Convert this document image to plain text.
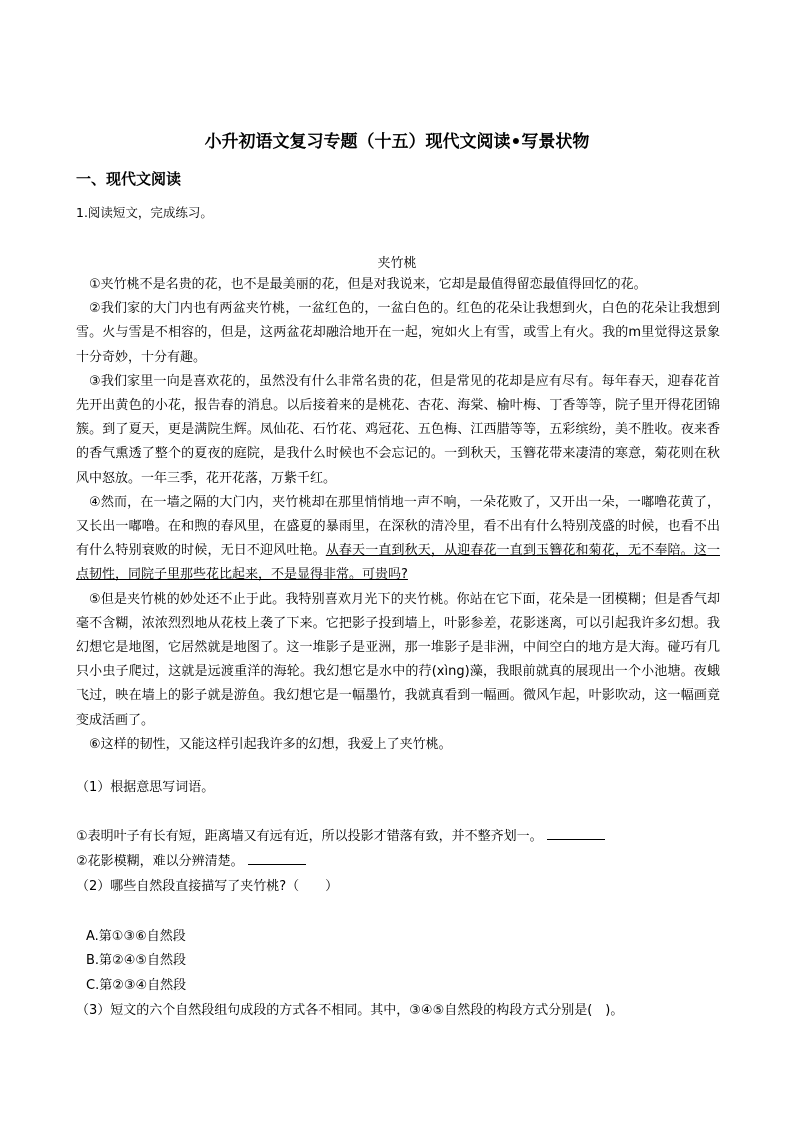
小升初语文复习专题（十五）现代文阅读•写景状物
一、现代文阅读
1.阅读短文，完成练习。
夹竹桃
①夹竹桃不是名贵的花，也不是最美丽的花，但是对我说来，它却是最值得留恋最值得回忆的花。
②我们家的大门内也有两盆夹竹桃，一盆红色的，一盆白色的。红色的花朵让我想到火，白色的花朵让我想到雪。火与雪是不相容的，但是，这两盆花却融洽地开在一起，宛如火上有雪，或雪上有火。我的m里觉得这景象十分奇妙，十分有趣。
③我们家里一向是喜欢花的，虽然没有什么非常名贵的花，但是常见的花却是应有尽有。每年春天，迎春花首先开出黄色的小花，报告春的消息。以后接着来的是桃花、杏花、海棠、榆叶梅、丁香等等，院子里开得花团锦簇。到了夏天，更是满院生辉。凤仙花、石竹花、鸡冠花、五色梅、江西腊等等，五彩缤纷，美不胜收。夜来香的香气熏透了整个的夏夜的庭院，是我什么时候也不会忘记的。一到秋天，玉簪花带来凄清的寒意，菊花则在秋风中怒放。一年三季，花开花落，万紫千红。
④然而，在一墙之隔的大门内，夹竹桃却在那里悄悄地一声不响，一朵花败了，又开出一朵，一嘟噜花黄了，又长出一嘟噜。在和煦的春风里，在盛夏的暴雨里，在深秋的清冷里，看不出有什么特别茂盛的时候，也看不出有什么特别衰败的时候，无日不迎风吐艳。从春天一直到秋天，从迎春花一直到玉簪花和菊花，无不奉陪。这一点韧性，同院子里那些花比起来，不是显得非常。可贵吗?
⑤但是夹竹桃的妙处还不止于此。我特别喜欢月光下的夹竹桃。你站在它下面，花朵是一团模糊；但是香气却毫不含糊，浓浓烈烈地从花枝上袭了下来。它把影子投到墙上，叶影参差，花影迷离，可以引起我许多幻想。我幻想它是地图，它居然就是地图了。这一堆影子是亚洲，那一堆影子是非洲，中间空白的地方是大海。碰巧有几只小虫子爬过，这就是远渡重洋的海轮。我幻想它是水中的荇(xìng)藻，我眼前就真的展现出一个小池塘。夜蛾飞过，映在墙上的影子就是游鱼。我幻想它是一幅墨竹，我就真看到一幅画。微风乍起，叶影吹动，这一幅画竟变成活画了。
⑥这样的韧性，又能这样引起我许多的幻想，我爱上了夹竹桃。
（1）根据意思写词语。
①表明叶子有长有短，距离墙又有远有近，所以投影才错落有致，并不整齐划一。
②花影模糊，难以分辨清楚。
（2）哪些自然段直接描写了夹竹桃?（　　）
A.第①③⑥自然段
B.第②④⑤自然段
C.第②③④自然段
（3）短文的六个自然段组句成段的方式各不相同。其中，③④⑤自然段的构段方式分别是(　)。
